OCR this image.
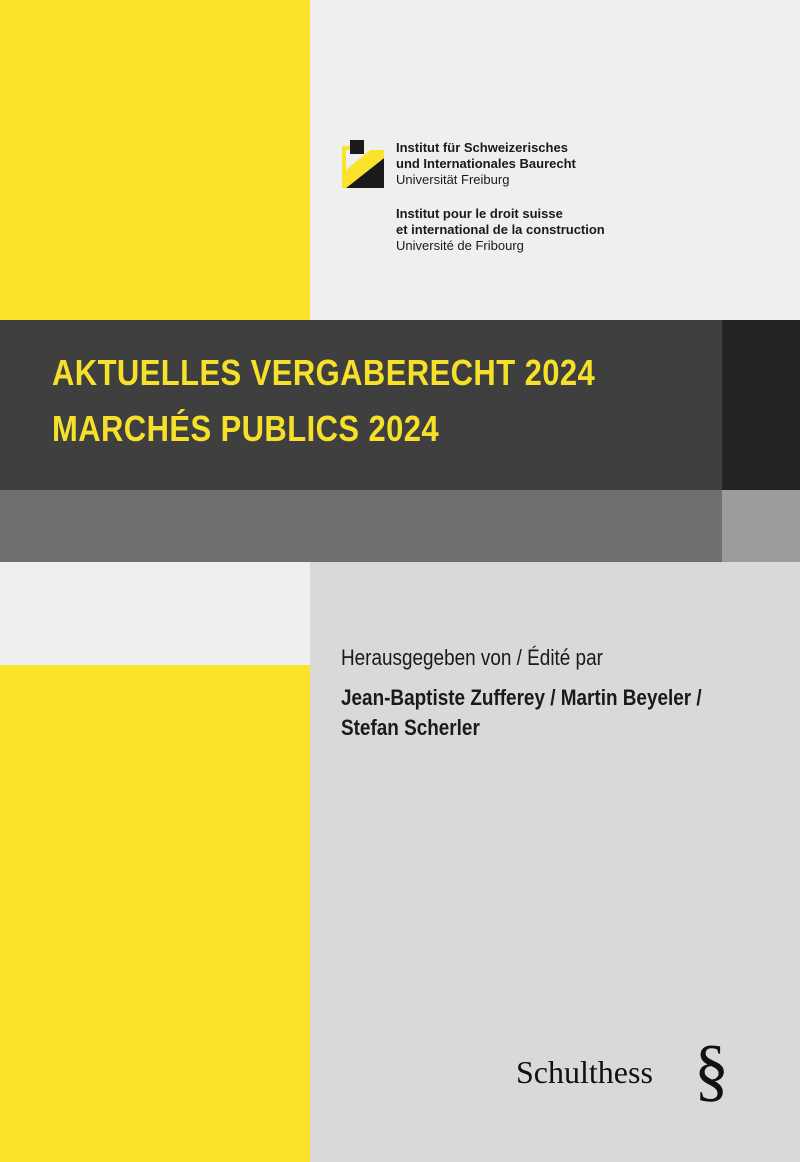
Institut für Schweizerisches
und Internationales Baurecht
Universität Freiburg
Institut pour le droit suisse
et international de la construction
Université de Fribourg
AKTUELLES VERGABERECHT 2024
MARCHÉS PUBLICS 2024
Herausgegeben von / Édité par
Jean-Baptiste Zufferey / Martin Beyeler /
Stefan Scherler
Schulthess §
